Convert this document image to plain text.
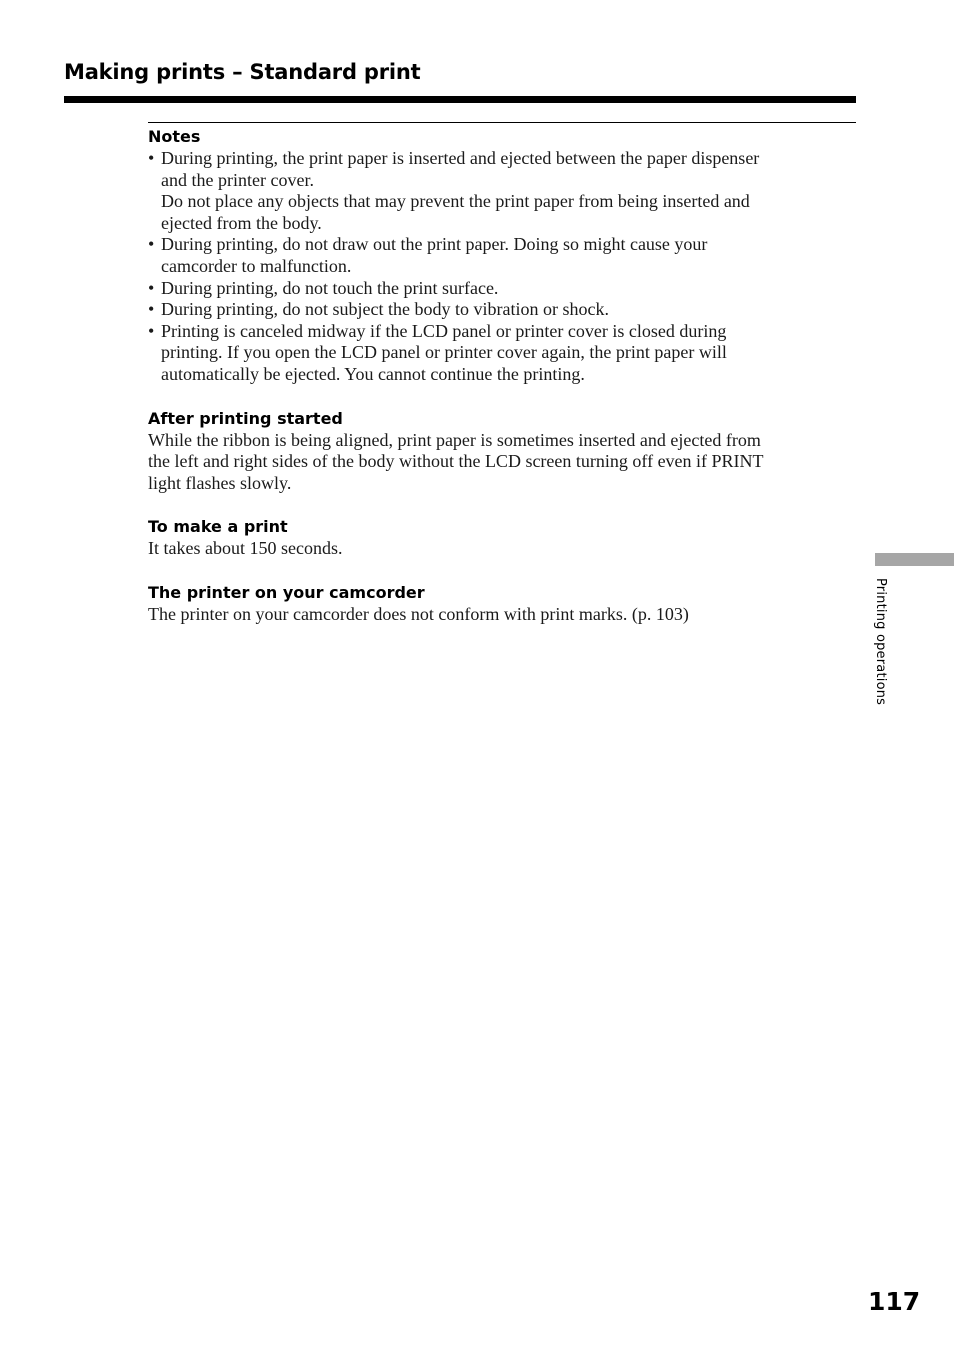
Making prints – Standard print
Notes
• During printing, the print paper is inserted and ejected between the paper dispenser
and the printer cover.
Do not place any objects that may prevent the print paper from being inserted and
ejected from the body.
• During printing, do not draw out the print paper. Doing so might cause your
camcorder to malfunction.
• During printing, do not touch the print surface.
• During printing, do not subject the body to vibration or shock.
• Printing is canceled midway if the LCD panel or printer cover is closed during
printing. If you open the LCD panel or printer cover again, the print paper will
automatically be ejected. You cannot continue the printing.
After printing started

While the ribbon is being aligned, print paper is sometimes inserted and ejected from
the left and right sides of the body without the LCD screen turning off even if PRINT
light flashes slowly.

To make a print

It takes about 150 seconds.

The printer on your camcorder

The printer on your camcorder does not conform with print marks. (p. 103)	Printing operations
117
